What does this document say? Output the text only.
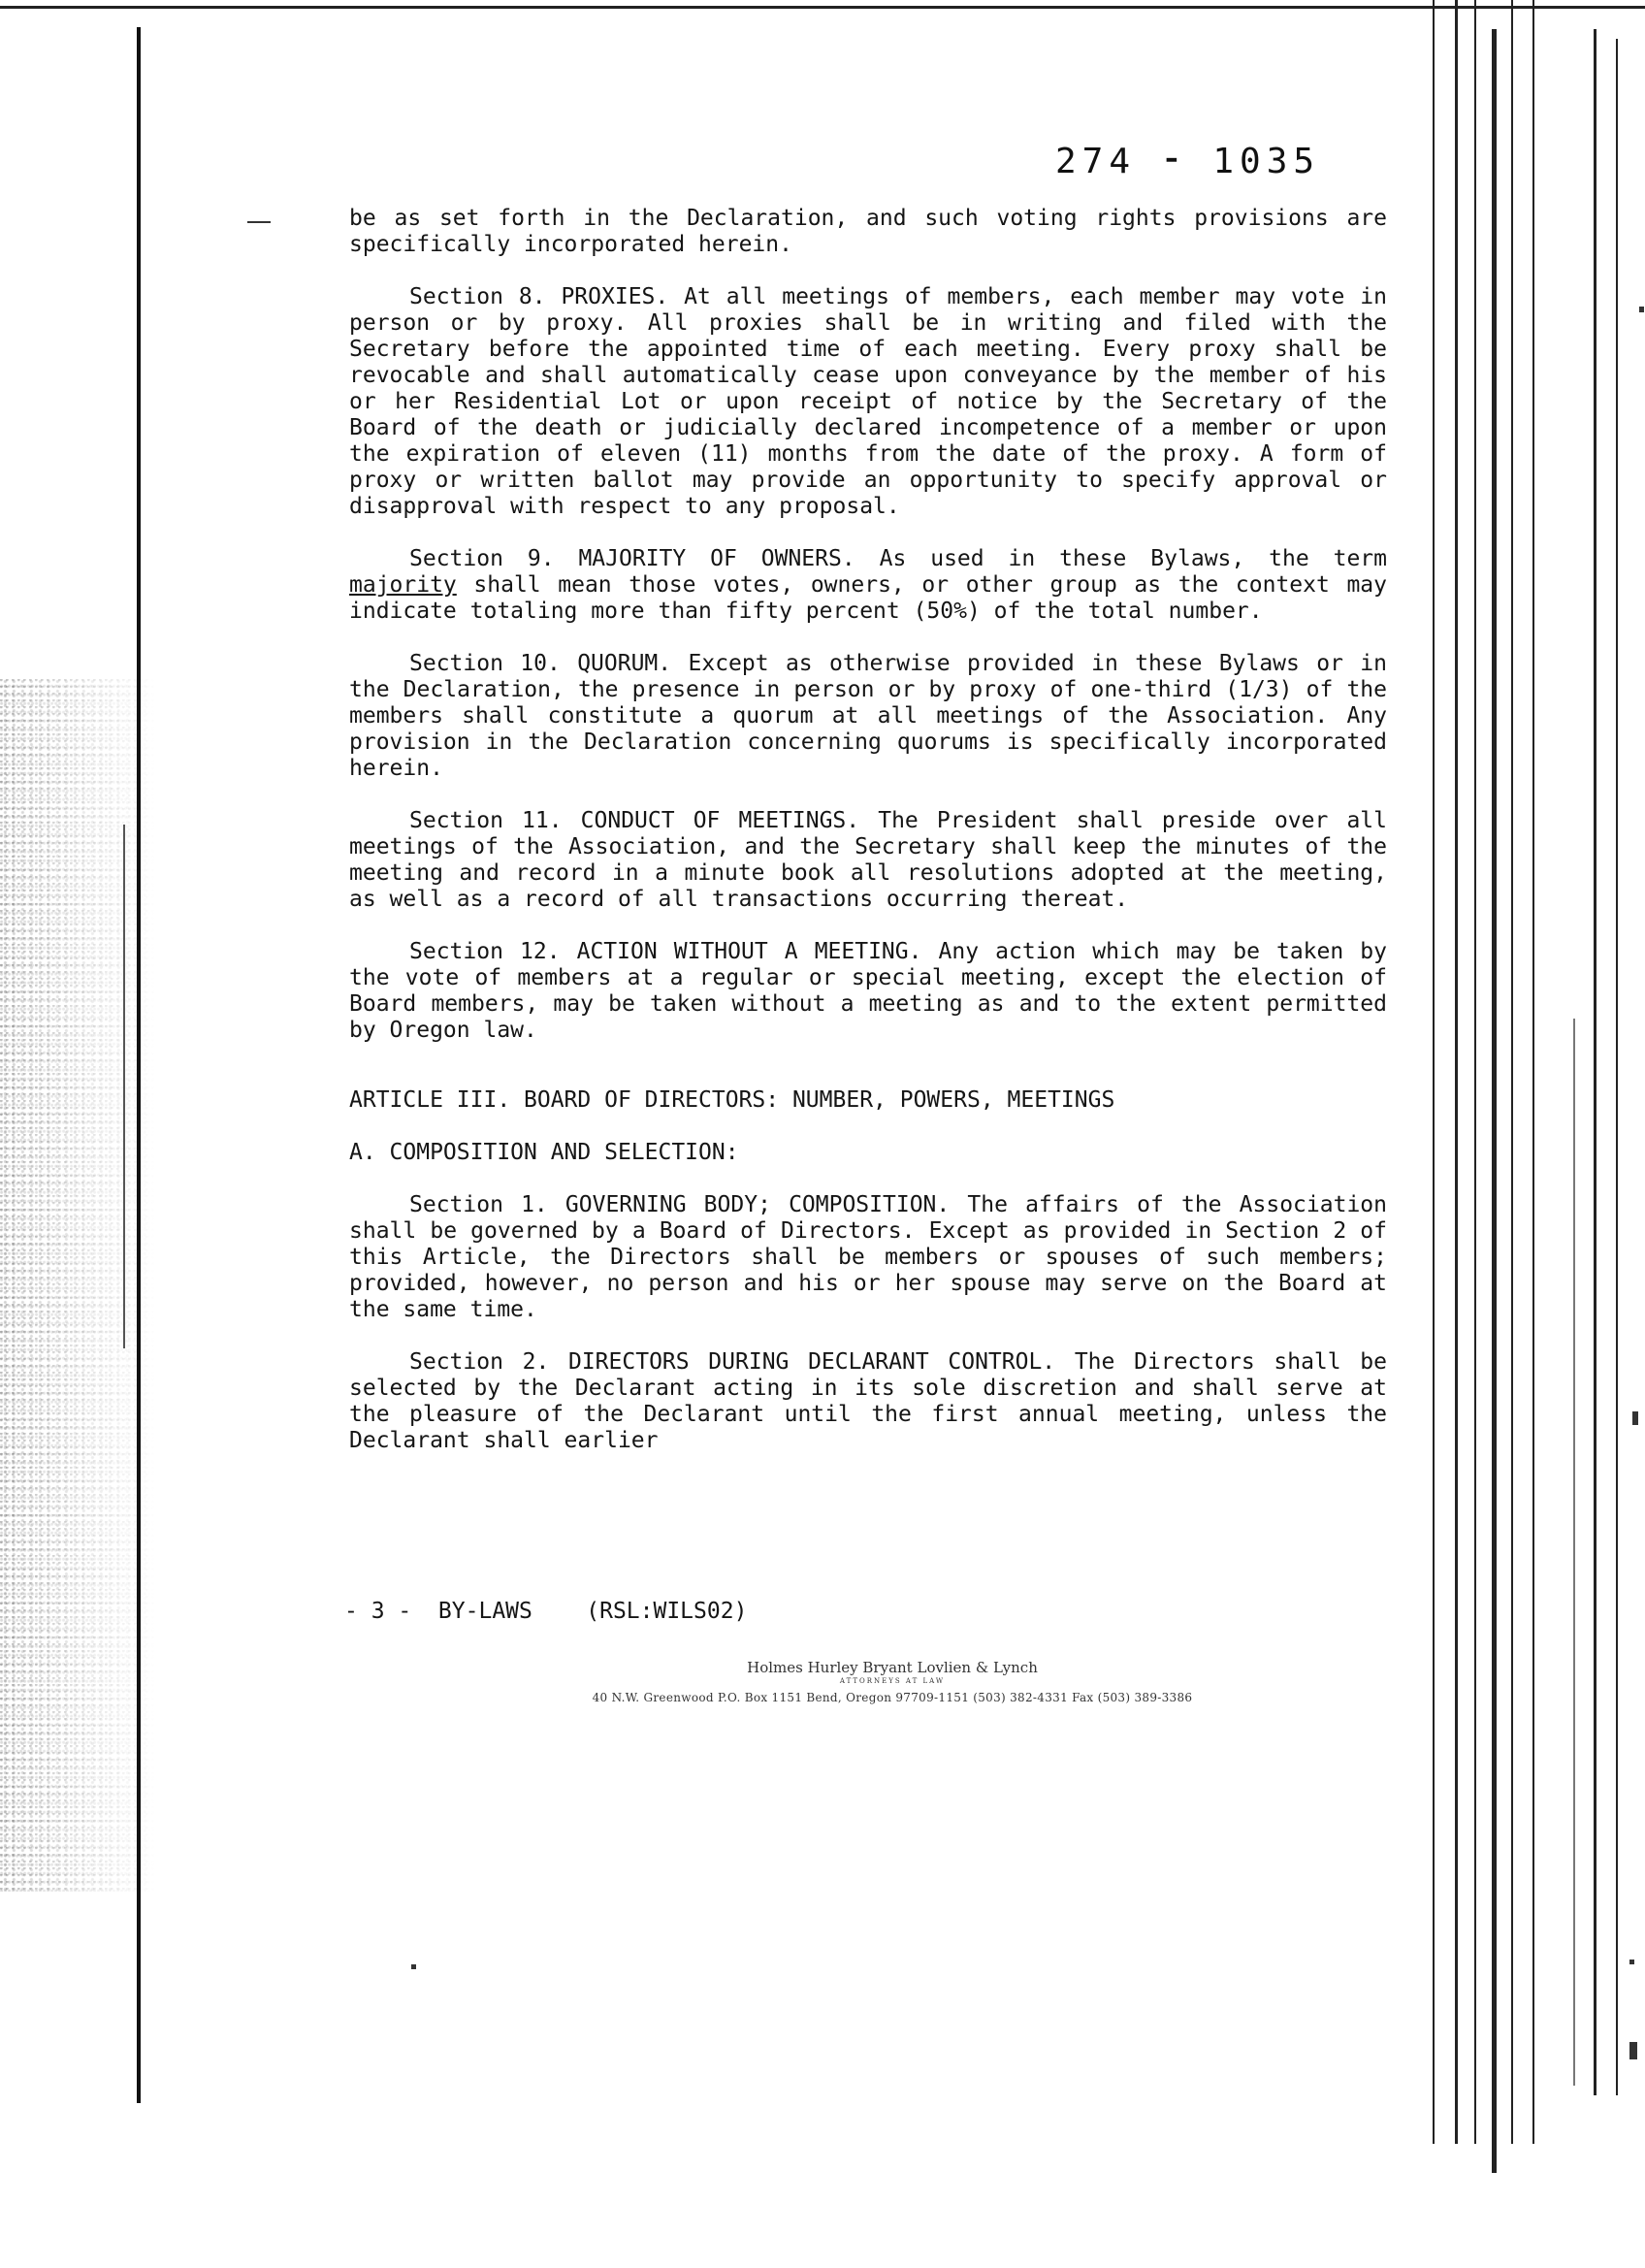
274 ⁃ 1035

be as set forth in the Declaration, and such voting rights provisions are specifically incorporated herein.

Section 8. PROXIES. At all meetings of members, each member may vote in person or by proxy. All proxies shall be in writing and filed with the Secretary before the appointed time of each meeting. Every proxy shall be revocable and shall automatically cease upon conveyance by the member of his or her Residential Lot or upon receipt of notice by the Secretary of the Board of the death or judicially declared incompetence of a member or upon the expiration of eleven (11) months from the date of the proxy. A form of proxy or written ballot may provide an opportunity to specify approval or disapproval with respect to any proposal.

Section 9. MAJORITY OF OWNERS. As used in these Bylaws, the term majority shall mean those votes, owners, or other group as the context may indicate totaling more than fifty percent (50%) of the total number.

Section 10. QUORUM. Except as otherwise provided in these Bylaws or in the Declaration, the presence in person or by proxy of one-third (1/3) of the members shall constitute a quorum at all meetings of the Association. Any provision in the Declaration concerning quorums is specifically incorporated herein.

Section 11. CONDUCT OF MEETINGS. The President shall preside over all meetings of the Association, and the Secretary shall keep the minutes of the meeting and record in a minute book all resolutions adopted at the meeting, as well as a record of all transactions occurring thereat.

Section 12. ACTION WITHOUT A MEETING. Any action which may be taken by the vote of members at a regular or special meeting, except the election of Board members, may be taken without a meeting as and to the extent permitted by Oregon law.

ARTICLE III. BOARD OF DIRECTORS: NUMBER, POWERS, MEETINGS

A. COMPOSITION AND SELECTION:

Section 1. GOVERNING BODY; COMPOSITION. The affairs of the Association shall be governed by a Board of Directors. Except as provided in Section 2 of this Article, the Directors shall be members or spouses of such members; provided, however, no person and his or her spouse may serve on the Board at the same time.

Section 2. DIRECTORS DURING DECLARANT CONTROL. The Directors shall be selected by the Declarant acting in its sole discretion and shall serve at the pleasure of the Declarant until the first annual meeting, unless the Declarant shall earlier

- 3 -  BY-LAWS    (RSL:WILS02)
Holmes Hurley Bryant Lovlien & Lynch
ATTORNEYS AT LAW
40 N.W. Greenwood P.O. Box 1151 Bend, Oregon 97709-1151 (503) 382-4331 Fax (503) 389-3386
